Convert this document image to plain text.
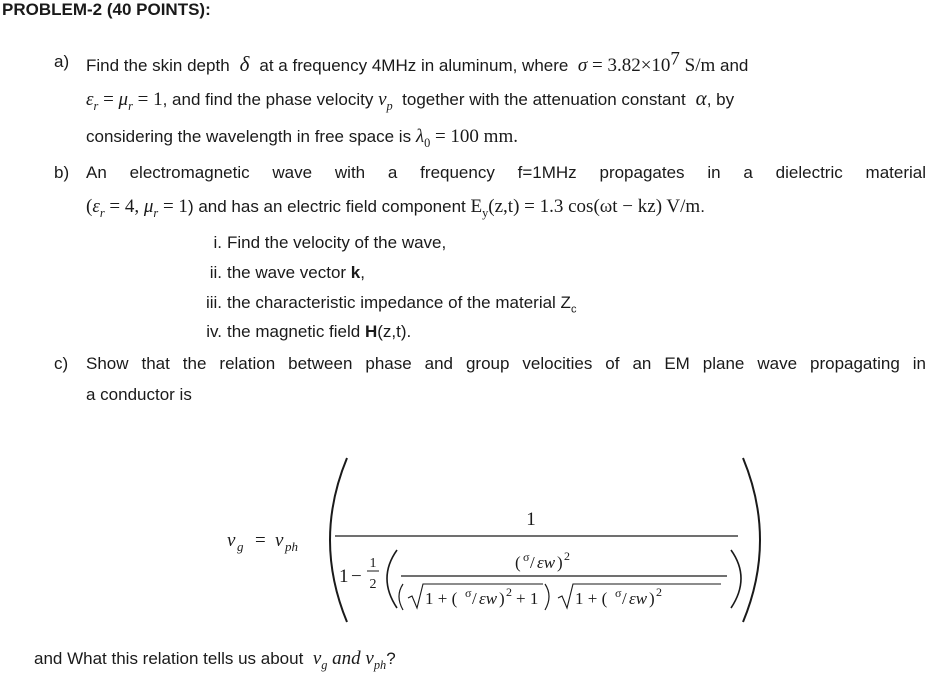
PROBLEM-2 (40 POINTS):
a) Find the skin depth  δ  at a frequency 4MHz in aluminum, where  $\sigma = 3.82\times 10^7$ S/m and
$\varepsilon_r = \mu_r = 1$, and find the phase velocity $v_p$ together with the attenuation constant  α, by
considering the wavelength in free space is $\lambda_0 = 100$ mm.
b) An electromagnetic wave with a frequency f=1MHz propagates in a dielectric material
($\varepsilon_r = 4$, $\mu_r = 1$) and has an electric field component $E_y(z,t) = 1.3$ cos(ωt − kz) V/m.
i. Find the velocity of the wave,
ii. the wave vector k,
iii. the characteristic impedance of the material $Z_c$
iv. the magnetic field H(z,t).
c) Show that the relation between phase and group velocities of an EM plane wave propagating in
a conductor is
v g = v ph
1
1 −
1
2
( σ / εw ) 2
1 + ( σ / εw ) 2 + 1 1 + ( σ / εw ) 2
and What this relation tells us about  $v_g$ and $v_{ph}$?
